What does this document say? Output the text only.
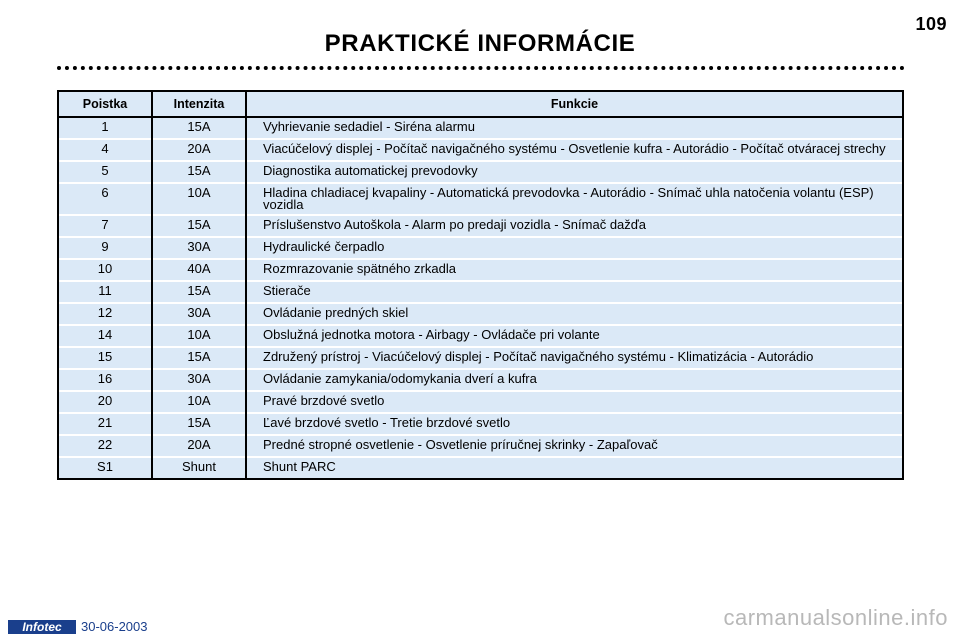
109
PRAKTICKÉ INFORMÁCIE
Poistka	Intenzita	Funkcie
1	15A	Vyhrievanie sedadiel - Siréna alarmu
4	20A	Viacúčelový displej - Počítač navigačného systému - Osvetlenie kufra - Autorádio - Počítač otváracej strechy
5	15A	Diagnostika automatickej prevodovky
6	10A	Hladina chladiacej kvapaliny - Automatická prevodovka - Autorádio - Snímač uhla natočenia volantu (ESP) vozidla
7	15A	Príslušenstvo Autoškola - Alarm po predaji vozidla - Snímač dažďa
9	30A	Hydraulické čerpadlo
10	40A	Rozmrazovanie spätného zrkadla
11	15A	Stierače
12	30A	Ovládanie predných skiel
14	10A	Obslužná jednotka motora - Airbagy - Ovládače pri volante
15	15A	Združený prístroj - Viacúčelový displej - Počítač navigačného systému - Klimatizácia - Autorádio
16	30A	Ovládanie zamykania/odomykania dverí a kufra
20	10A	Pravé brzdové svetlo
21	15A	Ľavé brzdové svetlo - Tretie brzdové svetlo
22	20A	Predné stropné osvetlenie - Osvetlenie príručnej skrinky - Zapaľovač
S1	Shunt	Shunt PARC
Infotec	30-06-2003	carmanualsonline.info
